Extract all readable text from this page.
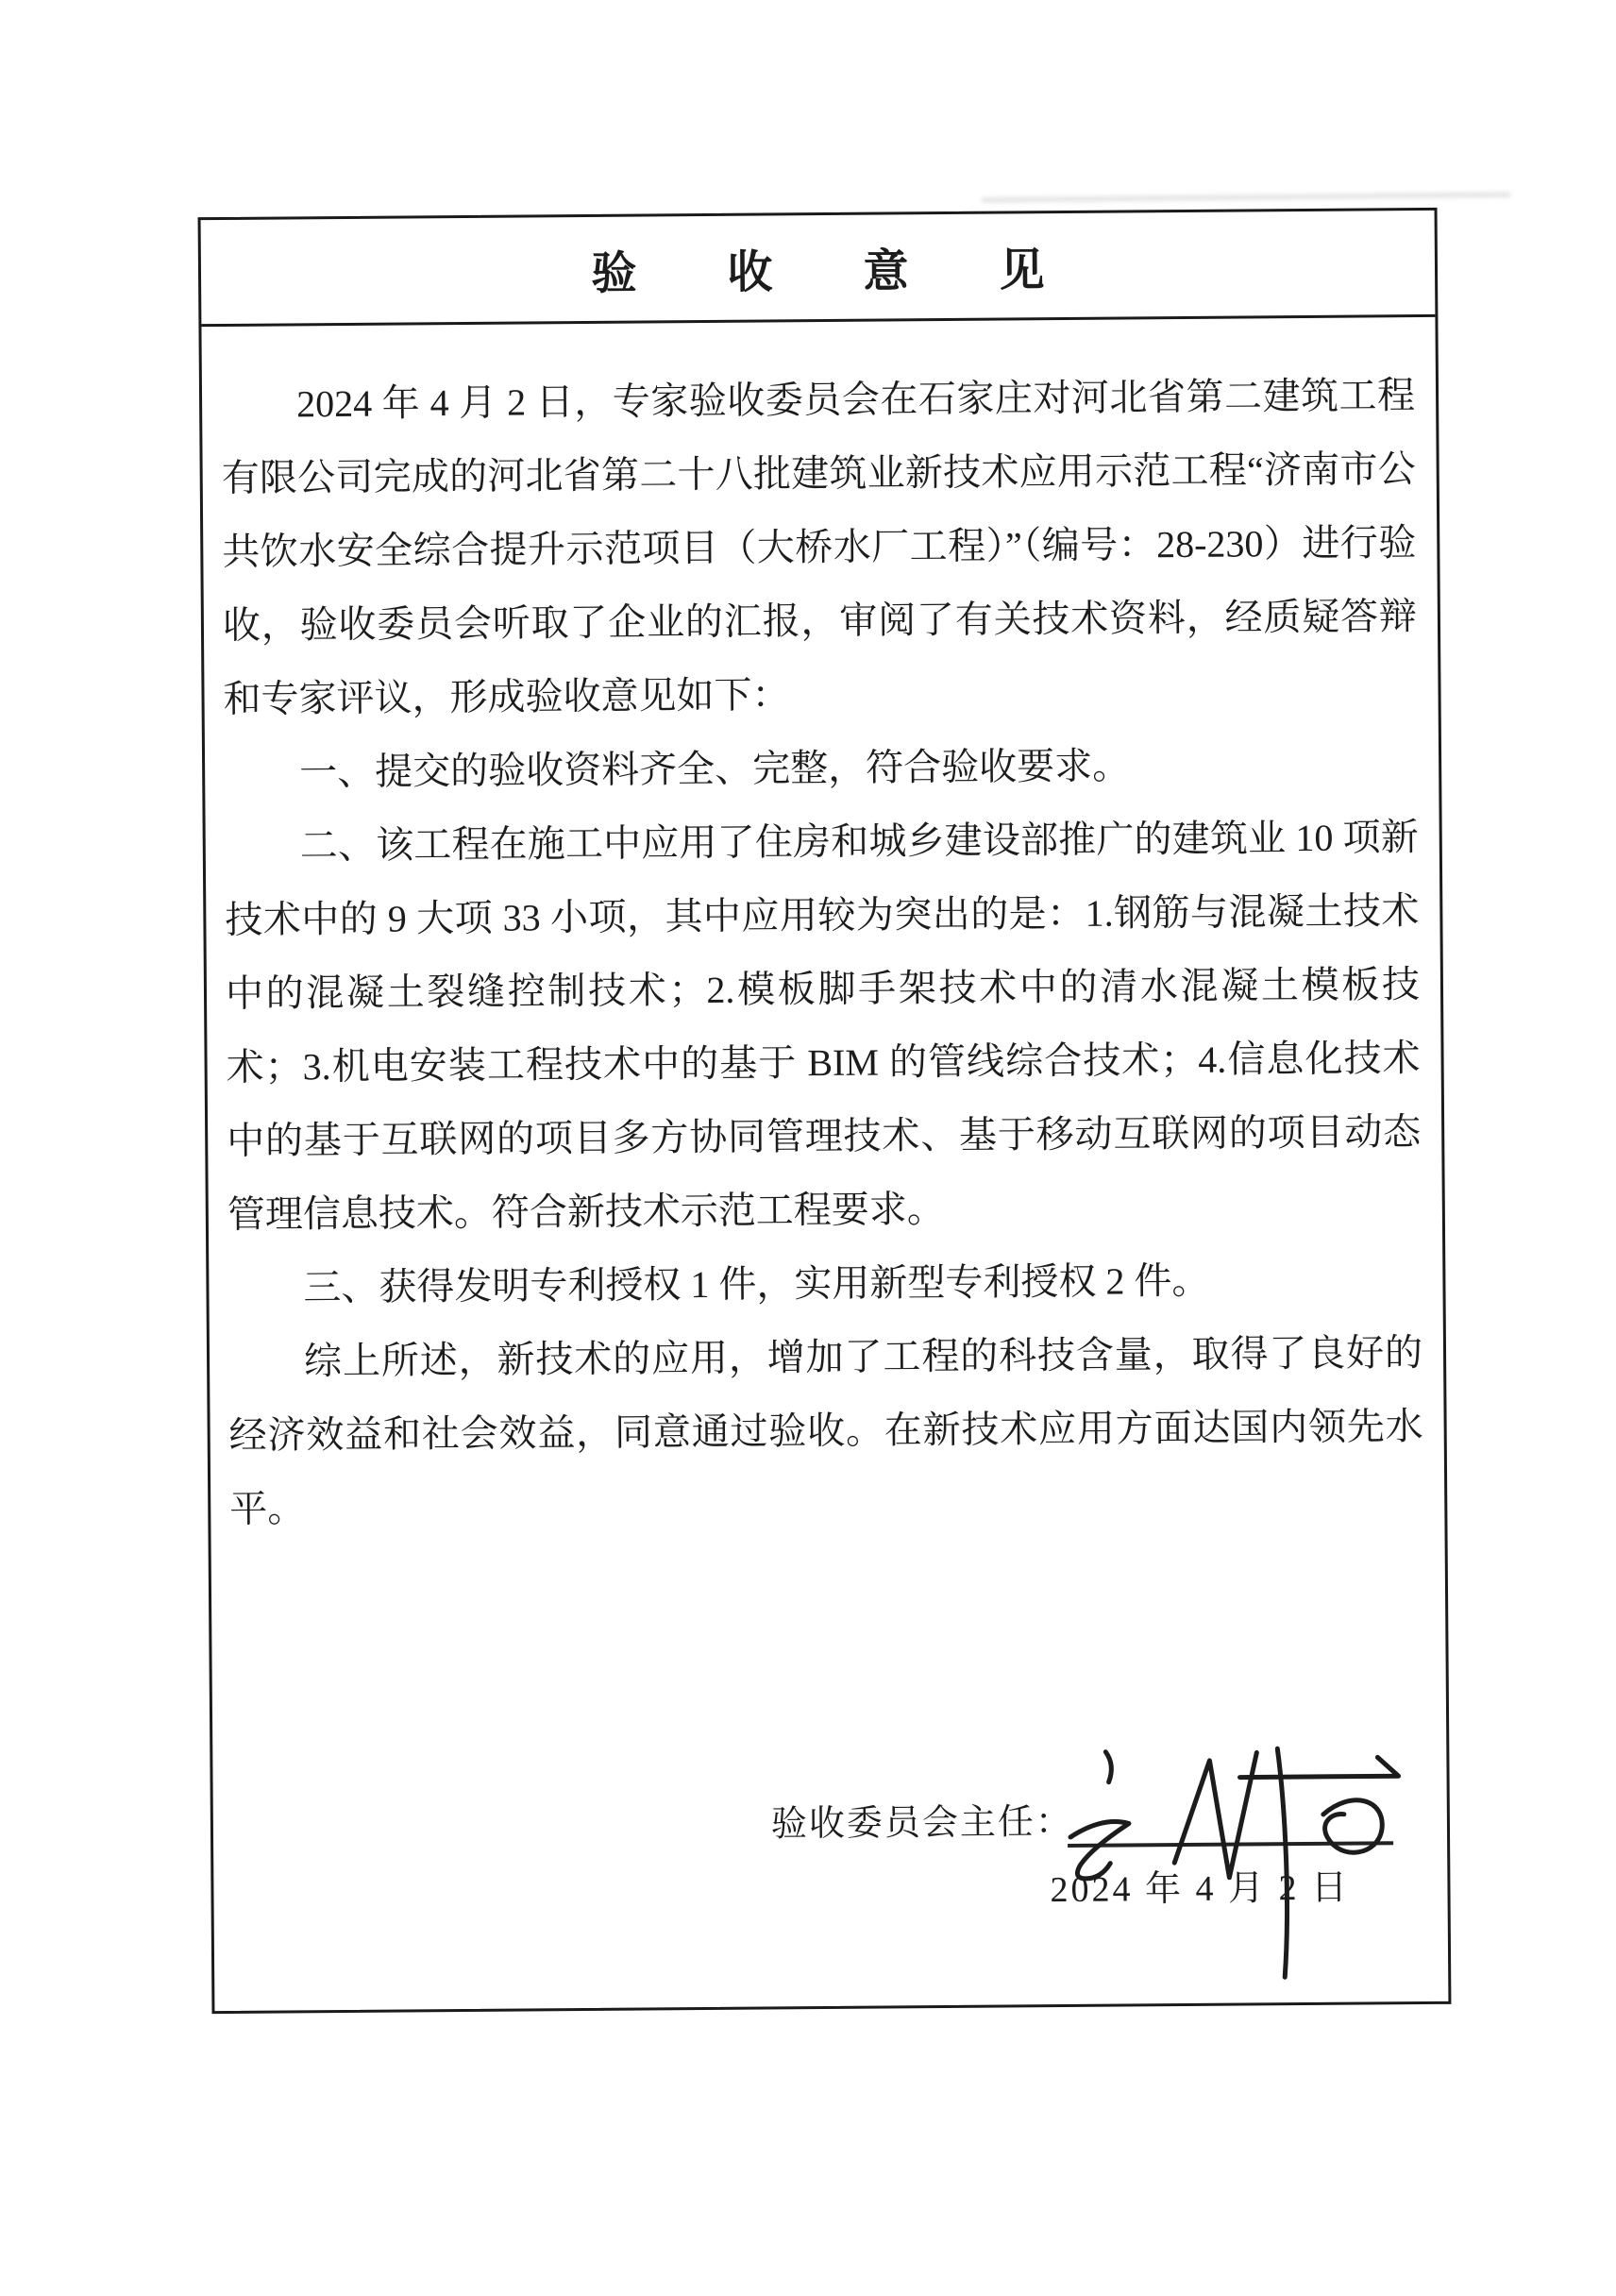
验收意见

2024 年 4 月 2 日，专家验收委员会在石家庄对河北省第二建筑工程有限公司完成的河北省第二十八批建筑业新技术应用示范工程“济南市公共饮水安全综合提升示范项目（大桥水厂工程）”（编号：28-230）进行验收，验收委员会听取了企业的汇报，审阅了有关技术资料，经质疑答辩和专家评议，形成验收意见如下：

一、提交的验收资料齐全、完整，符合验收要求。

二、该工程在施工中应用了住房和城乡建设部推广的建筑业 10 项新技术中的 9 大项 33 小项，其中应用较为突出的是：1.钢筋与混凝土技术中的混凝土裂缝控制技术；2.模板脚手架技术中的清水混凝土模板技术；3.机电安装工程技术中的基于 BIM 的管线综合技术；4.信息化技术中的基于互联网的项目多方协同管理技术、基于移动互联网的项目动态管理信息技术。符合新技术示范工程要求。

三、获得发明专利授权 1 件，实用新型专利授权 2 件。

综上所述，新技术的应用，增加了工程的科技含量，取得了良好的经济效益和社会效益，同意通过验收。在新技术应用方面达国内领先水平。

验收委员会主任：
2024 年 4 月 2 日
